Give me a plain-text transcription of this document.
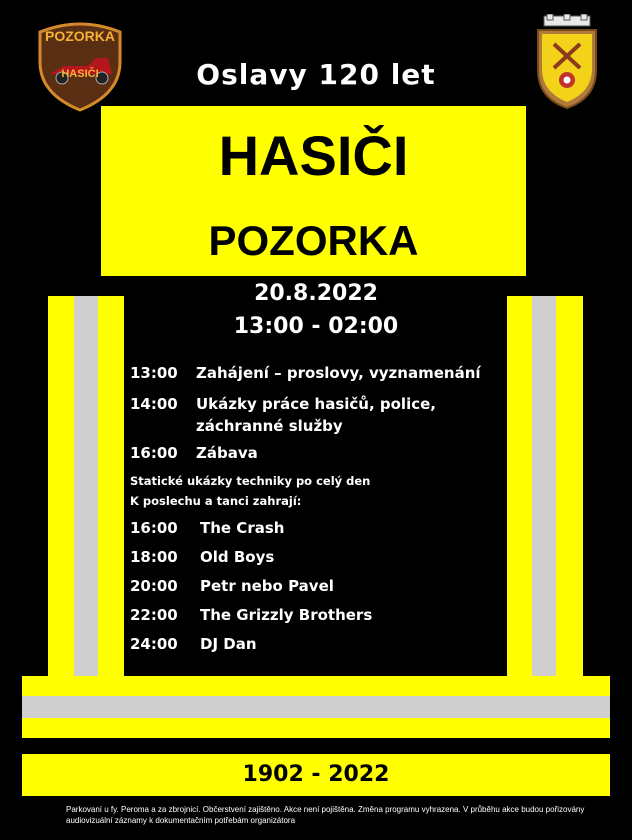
POZORKA
HASIČI	Oslavy 120 let
HASIČI
POZORKA
20.8.2022
13:00 - 02:00
13:00 Zahájení – proslovy, vyznamenání
14:00 Ukázky práce hasičů, police,
záchranné služby
16:00 Zábava
Statické ukázky techniky po celý den
K poslechu a tanci zahrají:
16:00 The Crash
18:00 Old Boys
20:00 Petr nebo Pavel
22:00 The Grizzly Brothers
24:00 DJ Dan
1902 - 2022
Parkovaní u fy. Peroma a za zbrojnicí. Občerstvení zajištěno. Akce není pojištěna. Změna programu vyhrazena. V průběhu akce budou pořizovány
audiovizuální záznamy k dokumentačním potřebám organizátora
